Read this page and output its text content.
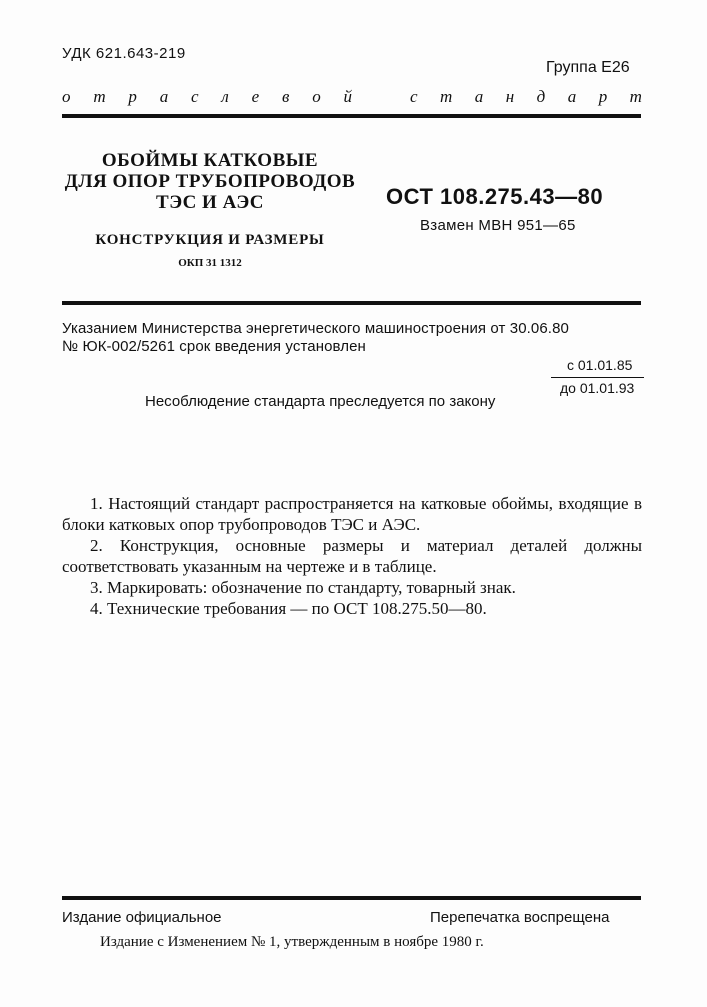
УДК 621.643-219
Группа Е26
о т р а с л е в о й	с т а н д а р т
ОБОЙМЫ КАТКОВЫЕ
ДЛЯ ОПОР ТРУБОПРОВОДОВ
ТЭС И АЭС
КОНСТРУКЦИЯ И РАЗМЕРЫ
ОКП 31 1312
ОСТ 108.275.43—80
Взамен МВН 951—65
Указанием Министерства энергетического машиностроения от 30.06.80
№ ЮК-002/5261 срок введения установлен
с 01.01.85
до 01.01.93
Несоблюдение стандарта преследуется по закону

1. Настоящий стандарт распространяется на катковые обоймы, входящие в блоки катковых опор трубопроводов ТЭС и АЭС.

2. Конструкция, основные размеры и материал деталей должны соответствовать указанным на чертеже и в таблице.

3. Маркировать: обозначение по стандарту, товарный знак.

4. Технические требования — по ОСТ 108.275.50—80.

Издание официальное	Перепечатка воспрещена
Издание с Изменением № 1, утвержденным в ноябре 1980 г.
